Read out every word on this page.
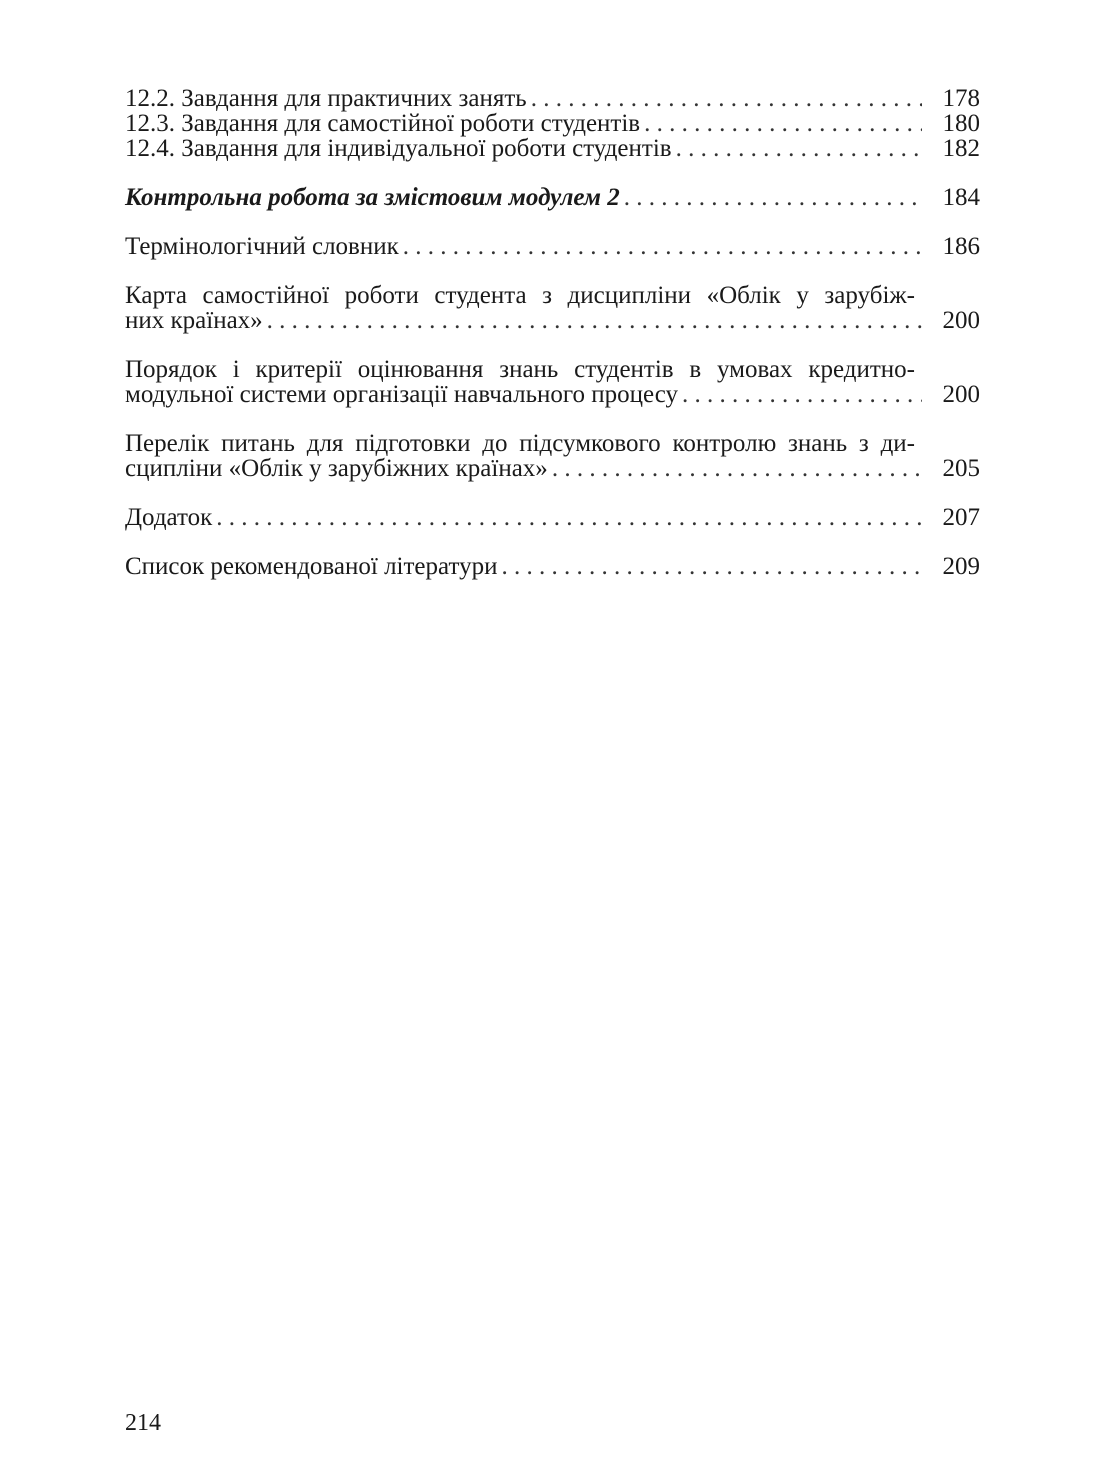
12.2. Завдання для практичних занять . . .	178
12.3. Завдання для самостійної роботи студентів . . .	180
12.4. Завдання для індивідуальної роботи студентів . . .	182
Контрольна робота за змістовим модулем 2 . . .	184
Термінологічний словник . . .	186
Карта самостійної роботи студента з дисципліни «Облік у зарубіж-
них країнах» . . .	200
Порядок і критерії оцінювання знань студентів в умовах кредитно-
модульної системи організації навчального процесу . . .	200
Перелік питань для підготовки до підсумкового контролю знань з ди-
сципліни «Облік у зарубіжних країнах» . . .	205
Додаток . . .	207
Список рекомендованої літератури . . .	209
214
